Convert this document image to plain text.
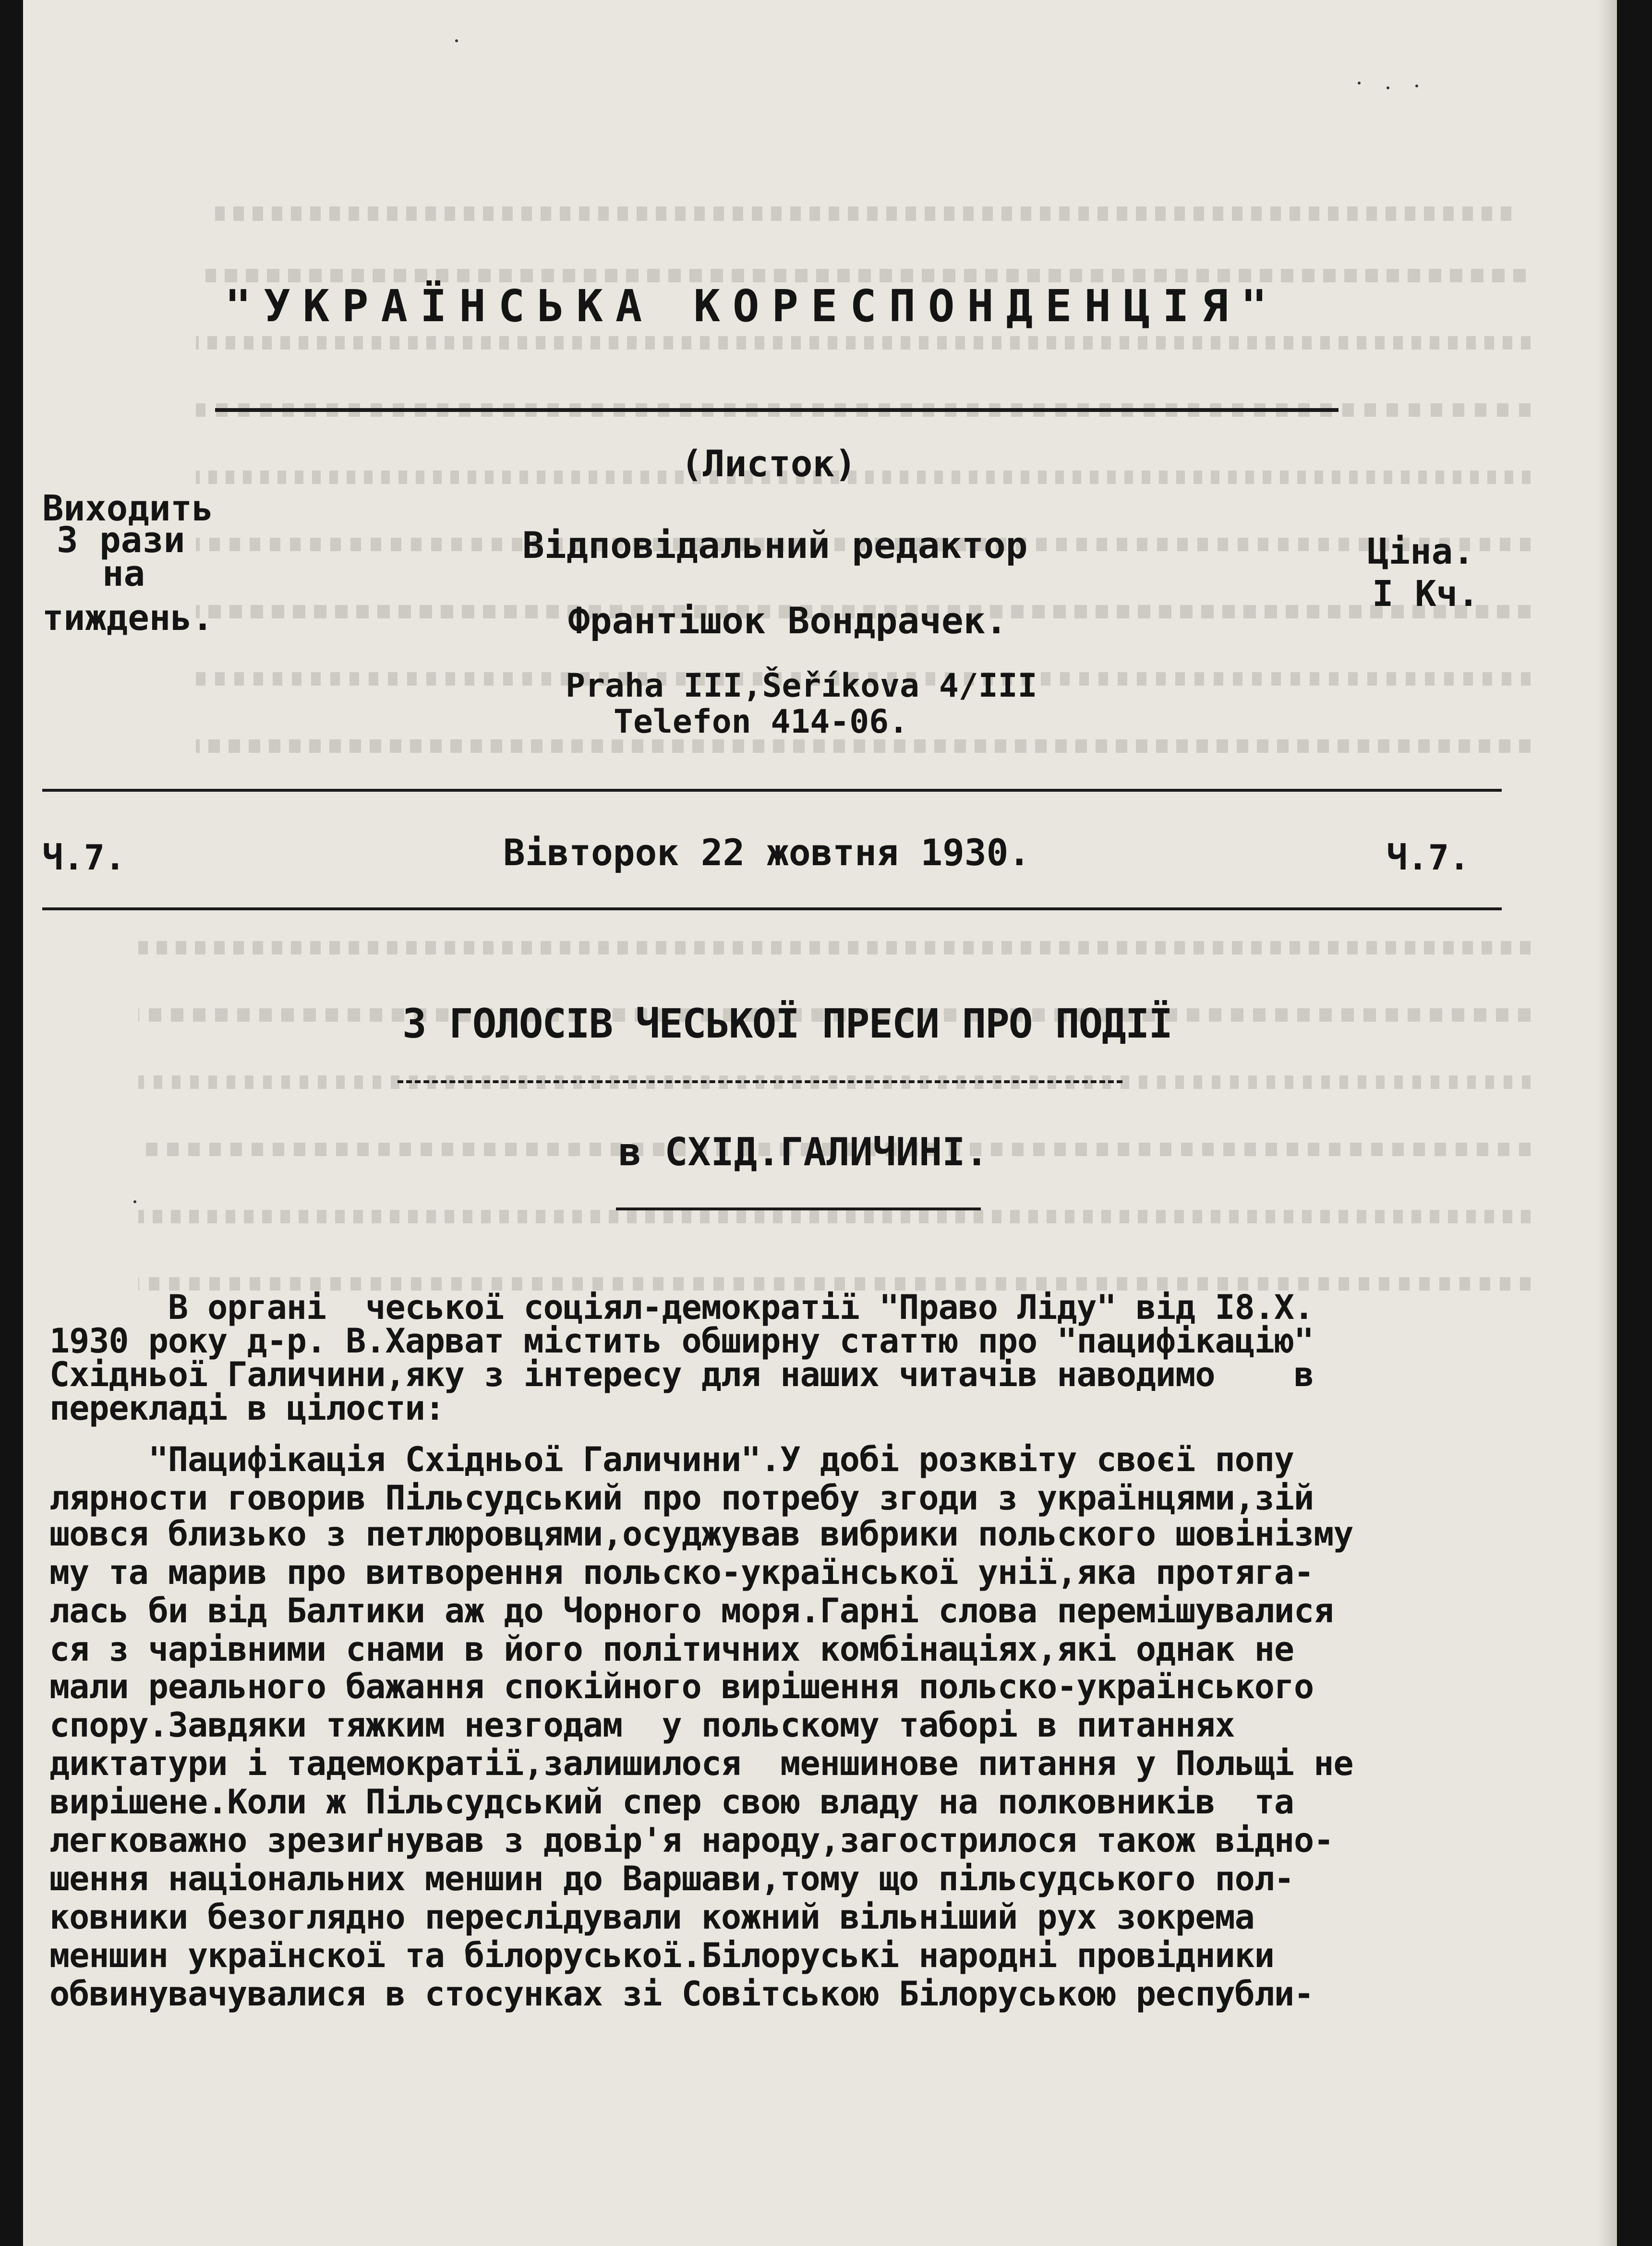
"УКРАЇНСЬКА КОРЕСПОНДЕНЦІЯ"
(Листок)
Виходить
3 рази
на
тиждень.
Відповідальний редактор
Франтішок Вондрачек.
Praha III,Šeříkova 4/III
Telefon 414-06.
Ціна.
I Кч.
Ч.7.	Вівторок 22 жовтня 1930.	Ч.7.
З ГОЛОСІВ ЧЕСЬКОЇ ПРЕСИ ПРО ПОДІЇ
в СХІД.ГАЛИЧИНІ.
В органі  чеської соціял-демократії "Право Ліду" від I8.X.
1930 року д-р. В.Харват містить обширну статтю про "пацифікацію"
Східньої Галичини,яку з інтересу для наших читачів наводимо    в
перекладі в цілости:
"Пацифікація Східньої Галичини".У добі розквіту своєї попу
лярности говорив Пільсудський про потребу згоди з українцями,зій
шовся близько з петлюровцями,осуджував вибрики польского шовінізму
му та марив про витворення польско-української унії,яка протяга-
лась би від Балтики аж до Чорного моря.Гарні слова перемішувалися
ся з чарівними снами в його політичних комбінаціях,які однак не
мали реального бажання спокійного вирішення польско-українського
спору.Завдяки тяжким незгодам  у польскому таборі в питаннях
диктатури і тадемократії,залишилося  меншинове питання у Польщі не
вирішене.Коли ж Пільсудський спер свою владу на полковників  та
легковажно зрезиґнував з довір'я народу,загострилося також відно-
шення національних меншин до Варшави,тому що пільсудського пол-
ковники безоглядно переслідували кожний вільніший рух зокрема
меншин українскої та білоруської.Білоруські народні провідники
обвинувачувалися в стосунках зі Совітською Білоруською республи-
